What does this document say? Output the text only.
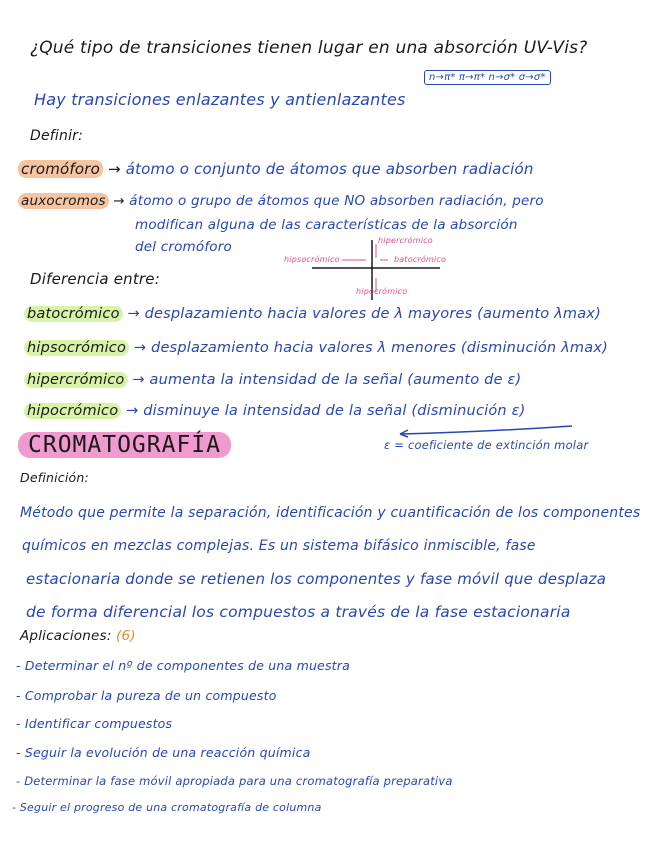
¿Qué tipo de transiciones tienen lugar en una absorción UV-Vis?
n→π* π→π* n→σ* σ→σ*
Hay transiciones enlazantes y antienlazantes
Definir:
cromóforo → átomo o conjunto de átomos que absorben radiación
auxocromos → átomo o grupo de átomos que NO absorben radiación, pero
modifican alguna de las características de la absorción
del cromóforo	hipercrómico
hipocrómico
hipsocrómico	batocrómico
Diferencia entre:
batocrómico → desplazamiento hacia valores de λ mayores (aumento λmax)
hipsocrómico → desplazamiento hacia valores λ menores (disminución λmax)
hipercrómico → aumenta la intensidad de la señal (aumento de ε)
hipocrómico → disminuye la intensidad de la señal (disminución ε)
ε = coeficiente de extinción molar
CROMATOGRAFÍA
Definición:
Método que permite la separación, identificación y cuantificación de los componentes
químicos en mezclas complejas. Es un sistema bifásico inmiscible, fase
estacionaria donde se retienen los componentes y fase móvil que desplaza
de forma diferencial los compuestos a través de la fase estacionaria
Aplicaciones: (6)
- Determinar el nº de componentes de una muestra
- Comprobar la pureza de un compuesto
- Identificar compuestos
- Seguir la evolución de una reacción química
- Determinar la fase móvil apropiada para una cromatografía preparativa
- Seguir el progreso de una cromatografía de columna
